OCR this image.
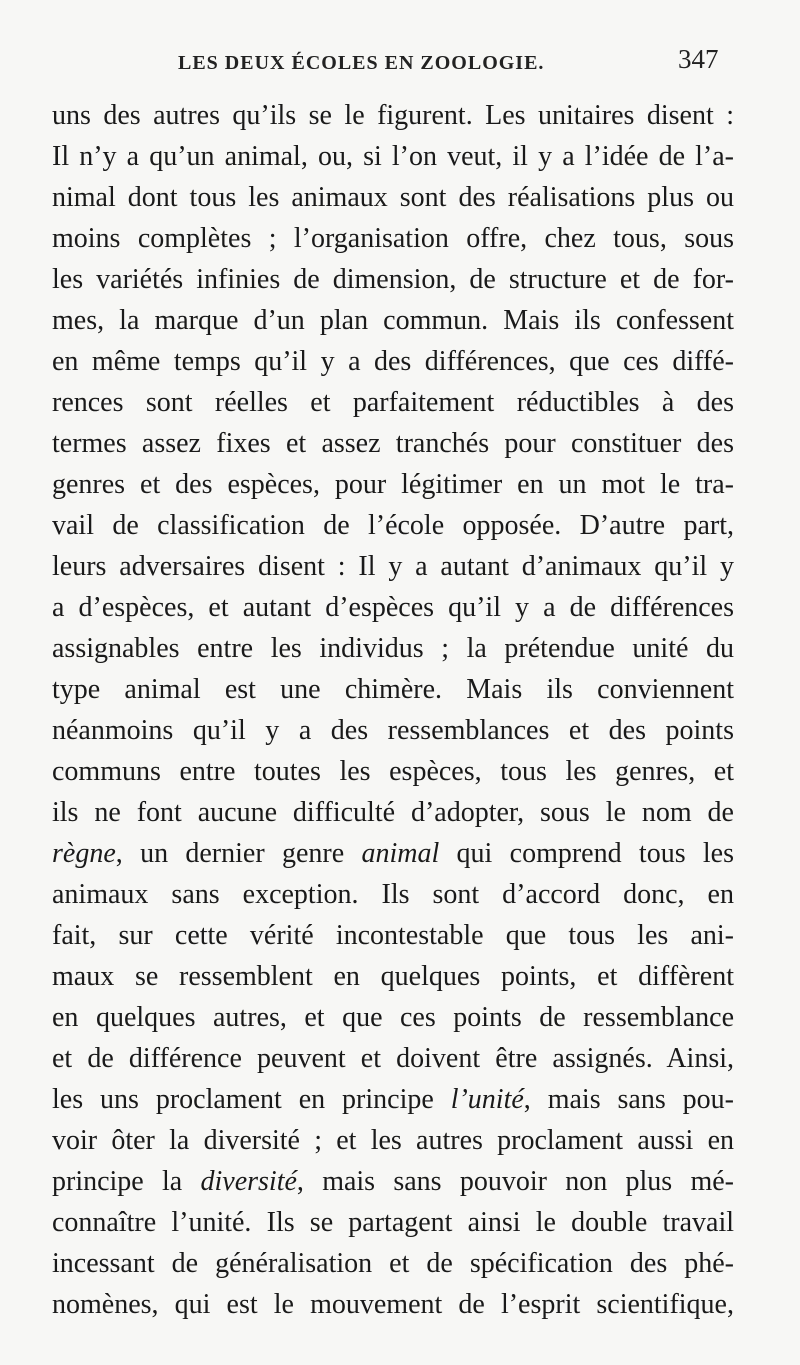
LES DEUX ÉCOLES EN ZOOLOGIE.	347
uns des autres qu’ils se le figurent. Les unitaires disent :
Il n’y a qu’un animal, ou, si l’on veut, il y a l’idée de l’a-
nimal dont tous les animaux sont des réalisations plus ou
moins complètes ; l’organisation offre, chez tous, sous
les variétés infinies de dimension, de structure et de for-
mes, la marque d’un plan commun. Mais ils confessent
en même temps qu’il y a des différences, que ces diffé-
rences sont réelles et parfaitement réductibles à des
termes assez fixes et assez tranchés pour constituer des
genres et des espèces, pour légitimer en un mot le tra-
vail de classification de l’école opposée. D’autre part,
leurs adversaires disent : Il y a autant d’animaux qu’il y
a d’espèces, et autant d’espèces qu’il y a de différences
assignables entre les individus ; la prétendue unité du
type animal est une chimère. Mais ils conviennent
néanmoins qu’il y a des ressemblances et des points
communs entre toutes les espèces, tous les genres, et
ils ne font aucune difficulté d’adopter, sous le nom de
règne, un dernier genre animal qui comprend tous les
animaux sans exception. Ils sont d’accord donc, en
fait, sur cette vérité incontestable que tous les ani-
maux se ressemblent en quelques points, et diffèrent
en quelques autres, et que ces points de ressemblance
et de différence peuvent et doivent être assignés. Ainsi,
les uns proclament en principe l’unité, mais sans pou-
voir ôter la diversité ; et les autres proclament aussi en
principe la diversité, mais sans pouvoir non plus mé-
connaître l’unité. Ils se partagent ainsi le double travail
incessant de généralisation et de spécification des phé-
nomènes, qui est le mouvement de l’esprit scientifique,
